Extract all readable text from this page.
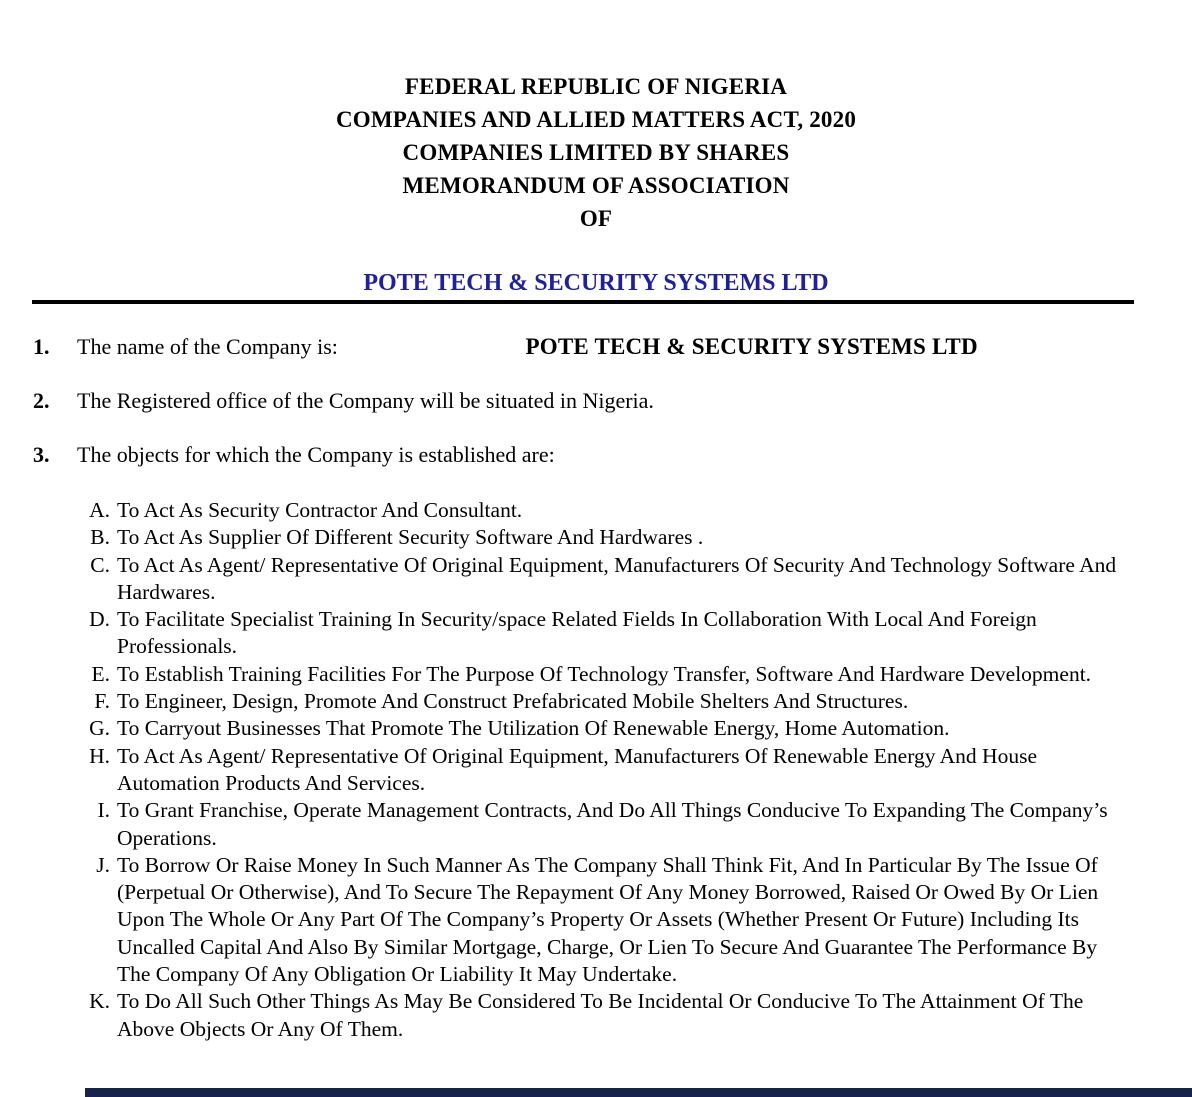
FEDERAL REPUBLIC OF NIGERIA
COMPANIES AND ALLIED MATTERS ACT, 2020
COMPANIES LIMITED BY SHARES
MEMORANDUM OF ASSOCIATION
OF
POTE TECH & SECURITY SYSTEMS LTD
1.	The name of the Company is:	POTE TECH & SECURITY SYSTEMS LTD
2.	The Registered office of the Company will be situated in Nigeria.
3.	The objects for which the Company is established are:
A. To Act As Security Contractor And Consultant.
B. To Act As Supplier Of Different Security Software And Hardwares .
C. To Act As Agent/ Representative Of Original Equipment, Manufacturers Of Security And Technology Software And Hardwares.
D. To Facilitate Specialist Training In Security/space Related Fields In Collaboration With Local And Foreign Professionals.
E. To Establish Training Facilities For The Purpose Of Technology Transfer, Software And Hardware Development.
F. To Engineer, Design, Promote And Construct Prefabricated Mobile Shelters And Structures.
G. To Carryout Businesses That Promote The Utilization Of Renewable Energy, Home Automation.
H. To Act As Agent/ Representative Of Original Equipment, Manufacturers Of Renewable Energy And House Automation Products And Services.
I. To Grant Franchise, Operate Management Contracts, And Do All Things Conducive To Expanding The Company’s Operations.
J. To Borrow Or Raise Money In Such Manner As The Company Shall Think Fit, And In Particular By The Issue Of (Perpetual Or Otherwise), And To Secure The Repayment Of Any Money Borrowed, Raised Or Owed By Or Lien Upon The Whole Or Any Part Of The Company’s Property Or Assets (Whether Present Or Future) Including Its Uncalled Capital And Also By Similar Mortgage, Charge, Or Lien To Secure And Guarantee The Performance By The Company Of Any Obligation Or Liability It May Undertake.
K. To Do All Such Other Things As May Be Considered To Be Incidental Or Conducive To The Attainment Of The Above Objects Or Any Of Them.
